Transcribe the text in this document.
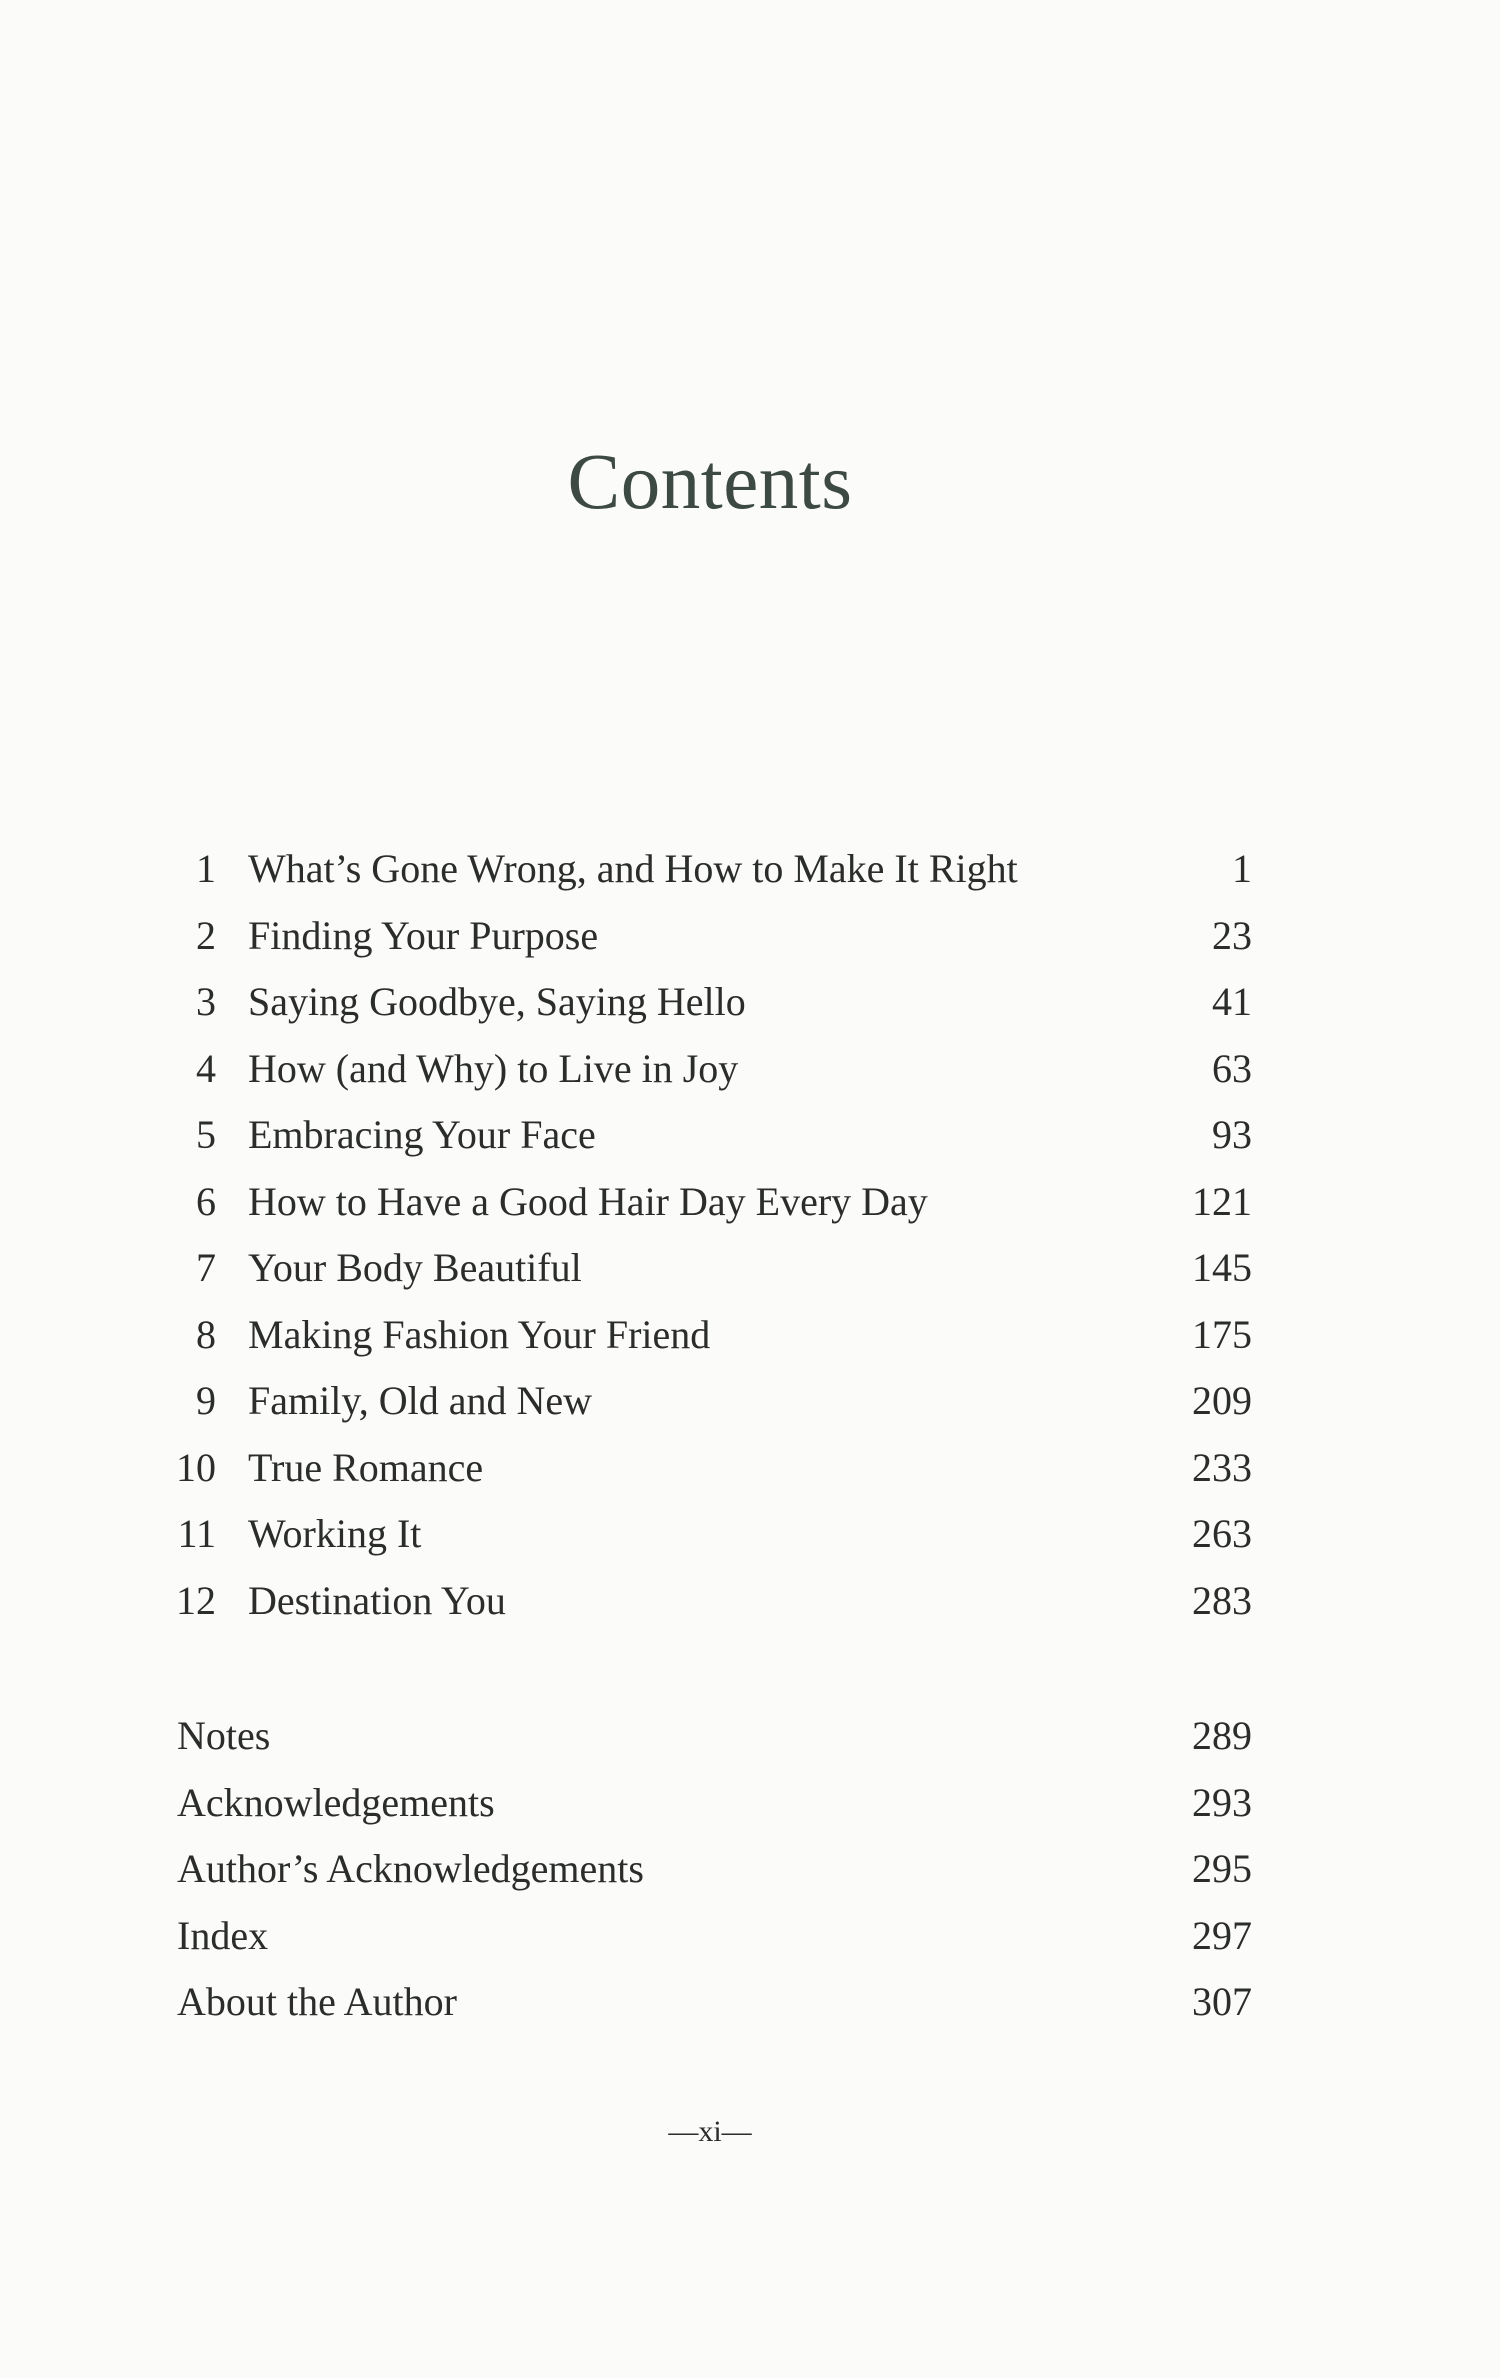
Contents
1 What’s Gone Wrong, and How to Make It Right	1
2 Finding Your Purpose	23
3 Saying Goodbye, Saying Hello	41
4 How (and Why) to Live in Joy	63
5 Embracing Your Face	93
6 How to Have a Good Hair Day Every Day	121
7 Your Body Beautiful	145
8 Making Fashion Your Friend	175
9 Family, Old and New	209
10 True Romance	233
11 Working It	263
12 Destination You	283
Notes	289
Acknowledgements	293
Author’s Acknowledgements	295
Index	297
About the Author	307
—xi—
